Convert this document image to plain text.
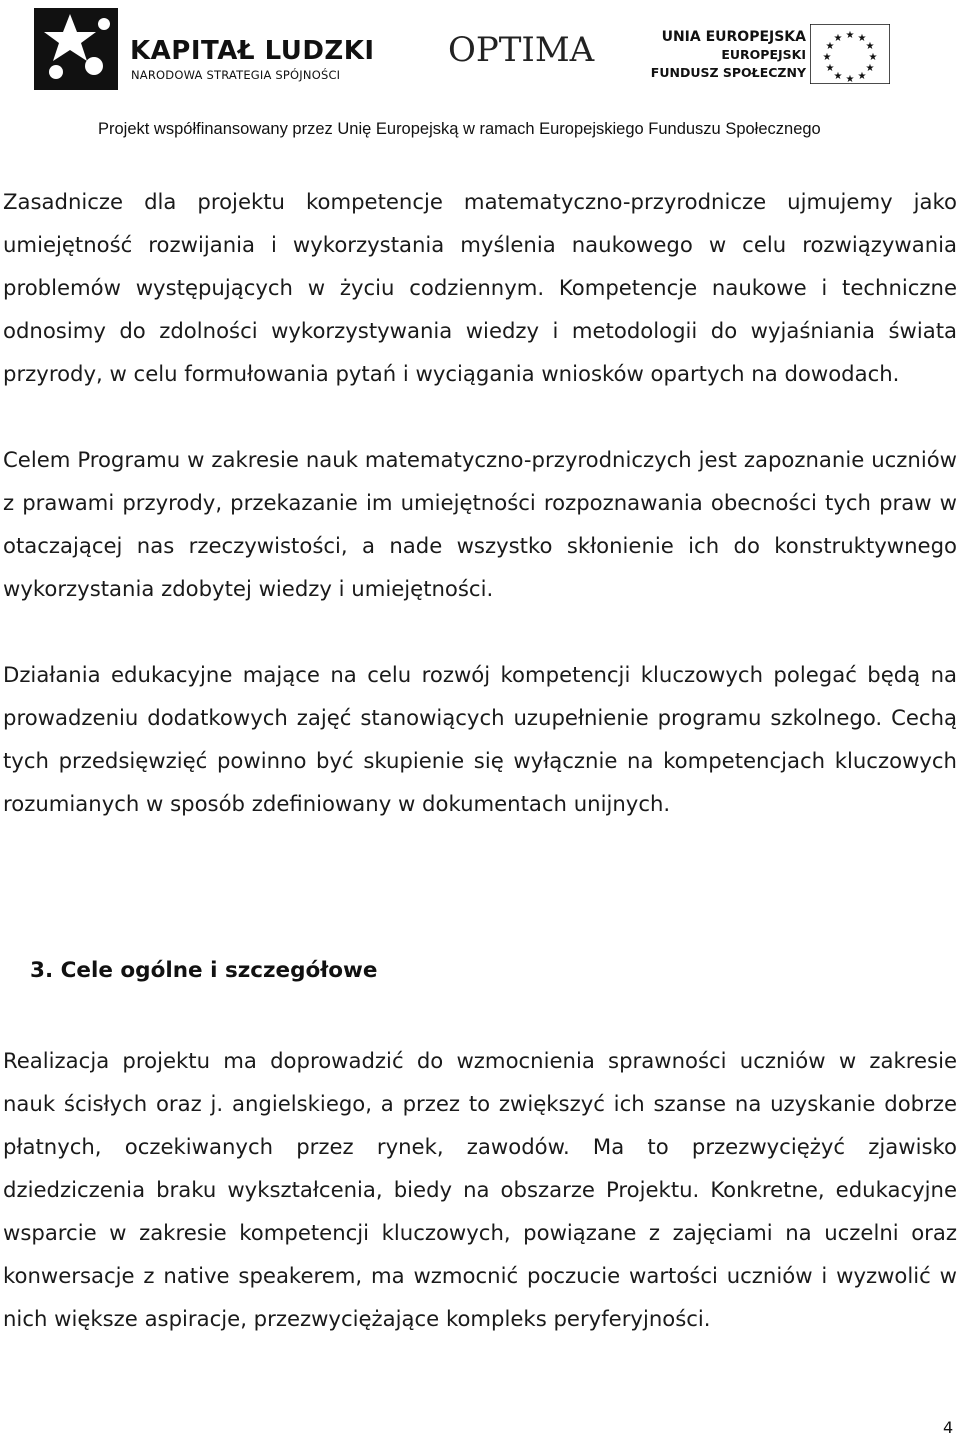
KAPITAŁ LUDZKI
NARODOWA STRATEGIA SPÓJNOŚCI
OPTIMA	UNIA EUROPEJSKA
EUROPEJSKI
FUNDUSZ SPOŁECZNY
★ ★
★
★
★
★
★
★
★
★
★
★
Projekt współfinansowany przez Unię Europejską w ramach Europejskiego Funduszu Społecznego

Zasadnicze dla projektu kompetencje matematyczno-przyrodnicze ujmujemy jako umiejętność rozwijania i wykorzystania myślenia naukowego w celu rozwiązywania problemów występujących w życiu codziennym. Kompetencje naukowe i techniczne odnosimy do zdolności wykorzystywania wiedzy i metodologii do wyjaśniania świata przyrody, w celu formułowania pytań i wyciągania wniosków opartych na dowodach.

Celem Programu w zakresie nauk matematyczno-przyrodniczych jest zapoznanie uczniów z prawami przyrody, przekazanie im umiejętności rozpoznawania obecności tych praw w otaczającej nas rzeczywistości, a nade wszystko skłonienie ich do konstruktywnego wykorzystania zdobytej wiedzy i umiejętności.

Działania edukacyjne mające na celu rozwój kompetencji kluczowych polegać będą na prowadzeniu dodatkowych zajęć stanowiących uzupełnienie programu szkolnego. Cechą tych przedsięwzięć powinno być skupienie się wyłącznie na kompetencjach kluczowych rozumianych w sposób zdefiniowany w dokumentach unijnych.

3. Cele ogólne i szczegółowe

Realizacja projektu ma doprowadzić do wzmocnienia sprawności uczniów w zakresie nauk ścisłych oraz j. angielskiego, a przez to zwiększyć ich szanse na uzyskanie dobrze płatnych, oczekiwanych przez rynek, zawodów. Ma to przezwyciężyć zjawisko dziedziczenia braku wykształcenia, biedy na obszarze Projektu. Konkretne, edukacyjne wsparcie w zakresie kompetencji kluczowych, powiązane z zajęciami na uczelni oraz konwersacje z native speakerem, ma wzmocnić poczucie wartości uczniów i wyzwolić w nich większe aspiracje, przezwyciężające kompleks peryferyjności.

4
